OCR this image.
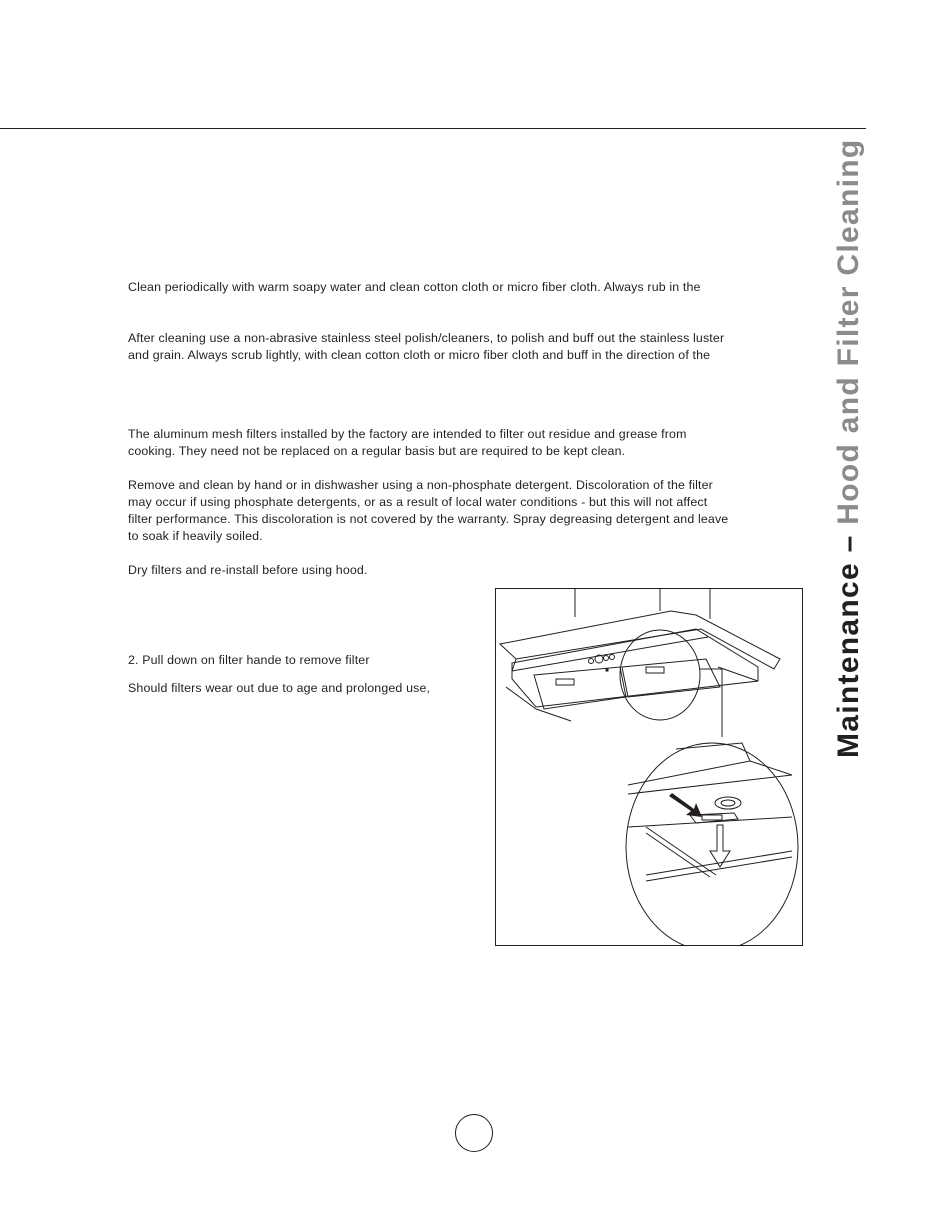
Clean periodically with warm soapy water and clean cotton cloth or micro fiber cloth. Always rub in the
After cleaning use a non-abrasive stainless steel polish/cleaners, to polish and buff out the stainless luster
and grain. Always scrub lightly, with clean cotton cloth or micro fiber cloth and buff in the direction of the
The aluminum mesh filters installed by the factory are intended to filter out residue and grease from
cooking. They need not be replaced on a regular basis but are required to be kept clean.
Remove and clean by hand or in dishwasher using a non-phosphate detergent. Discoloration of the filter
may occur if using phosphate detergents, or as a result of local water conditions - but this will not affect
filter performance. This discoloration is not covered by the warranty. Spray degreasing detergent and leave
to soak if heavily soiled.
Dry filters and re-install before using hood.
2. Pull down on filter hande to remove filter
Should filters wear out due to age and prolonged use,	Maintenance – Hood and Filter Cleaning
